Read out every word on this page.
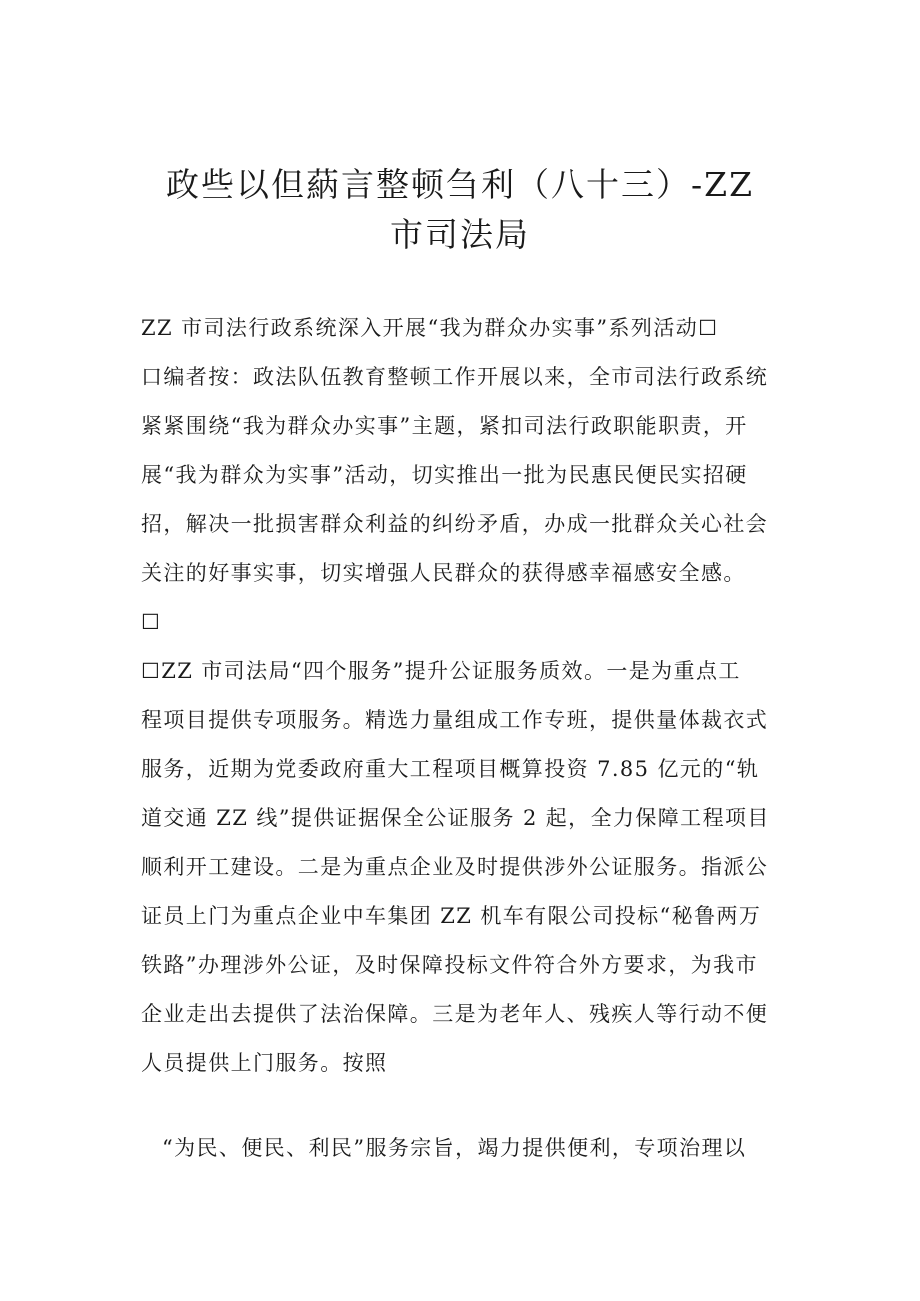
政些以但蒳言整顿刍利（八十三）-ZZ
市司法局
ZZ 市司法行政系统深入开展“我为群众办实事”系列活动☐
口编者按：政法队伍教育整顿工作开展以来，全市司法行政系统
紧紧围绕“我为群众办实事”主题，紧扣司法行政职能职责，开
展“我为群众为实事”活动，切实推出一批为民惠民便民实招硬
招，解决一批损害群众利益的纠纷矛盾，办成一批群众关心社会
关注的好事实事，切实增强人民群众的获得感幸福感安全感。
☐
☐ZZ 市司法局“四个服务”提升公证服务质效。一是为重点工
程项目提供专项服务。精选力量组成工作专班，提供量体裁衣式
服务，近期为党委政府重大工程项目概算投资 7.85 亿元的“轨
道交通 ZZ 线”提供证据保全公证服务 2 起，全力保障工程项目
顺利开工建设。二是为重点企业及时提供涉外公证服务。指派公
证员上门为重点企业中车集团 ZZ 机车有限公司投标“秘鲁两万
铁路”办理涉外公证，及时保障投标文件符合外方要求，为我市
企业走出去提供了法治保障。三是为老年人、残疾人等行动不便
人员提供上门服务。按照
“为民、便民、利民”服务宗旨，竭力提供便利，专项治理以
